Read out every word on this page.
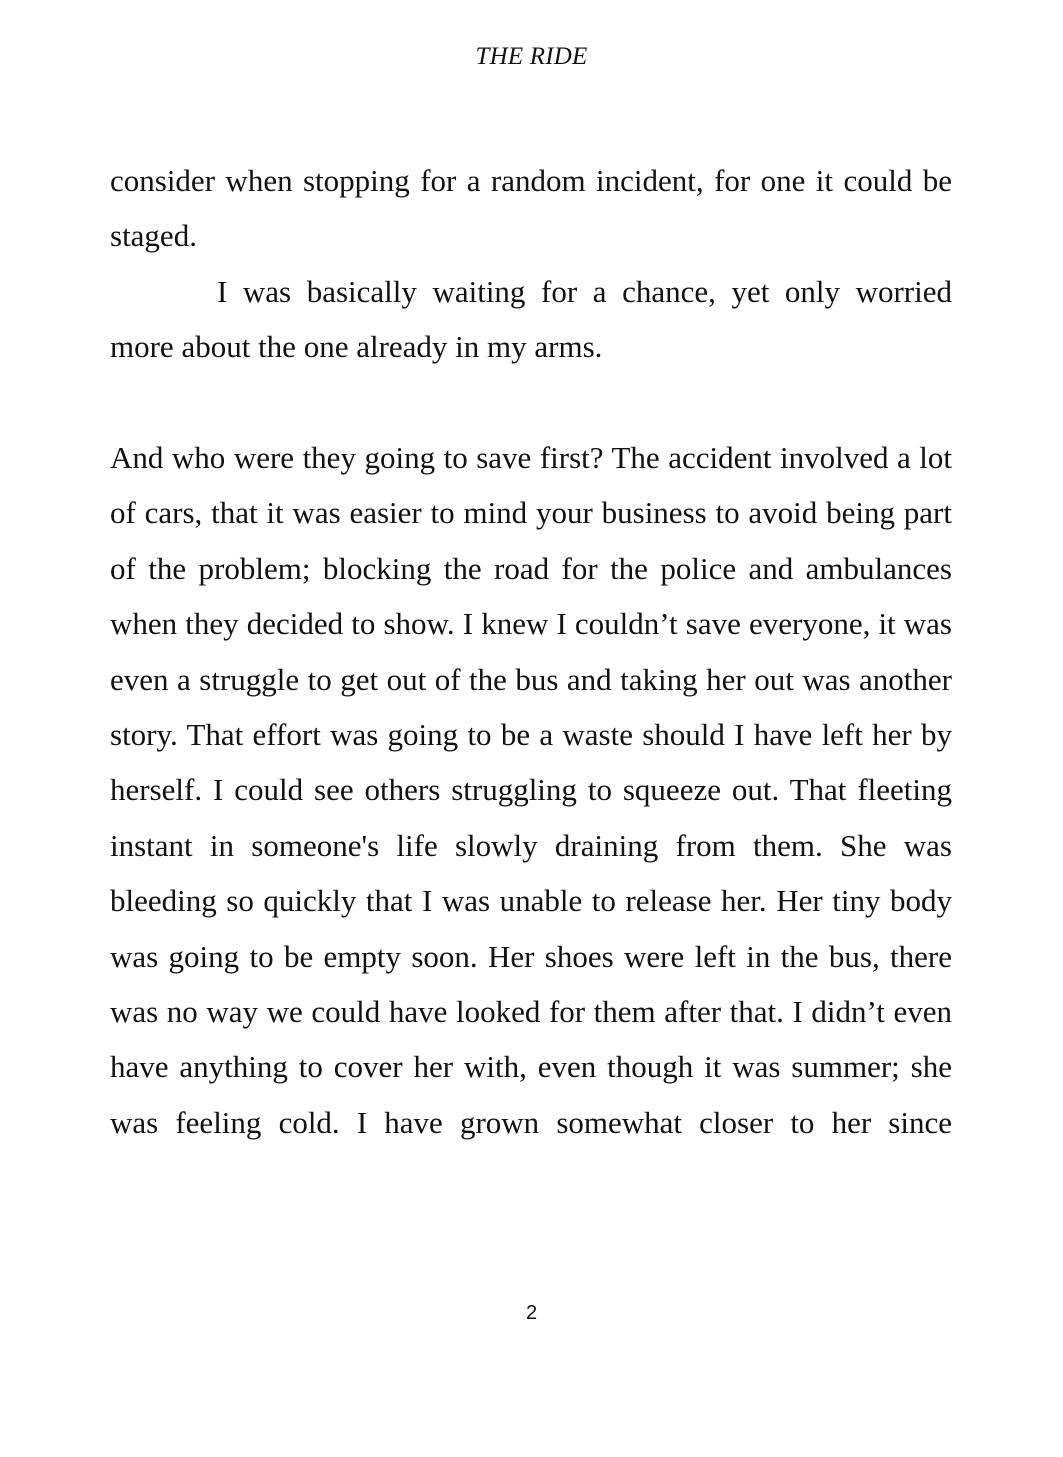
THE RIDE

consider when stopping for a random incident, for one it could be staged.

I was basically waiting for a chance, yet only worried more about the one already in my arms.

And who were they going to save first? The accident involved a lot of cars, that it was easier to mind your business to avoid being part of the problem; blocking the road for the police and ambulances when they decided to show. I knew I couldn’t save everyone, it was even a struggle to get out of the bus and taking her out was another story. That effort was going to be a waste should I have left her by herself. I could see others struggling to squeeze out. That fleeting instant in someone's life slowly draining from them. She was bleeding so quickly that I was unable to release her. Her tiny body was going to be empty soon. Her shoes were left in the bus, there was no way we could have looked for them after that. I didn’t even have anything to cover her with, even though it was summer; she was feeling cold. I have grown somewhat closer to her since

2
